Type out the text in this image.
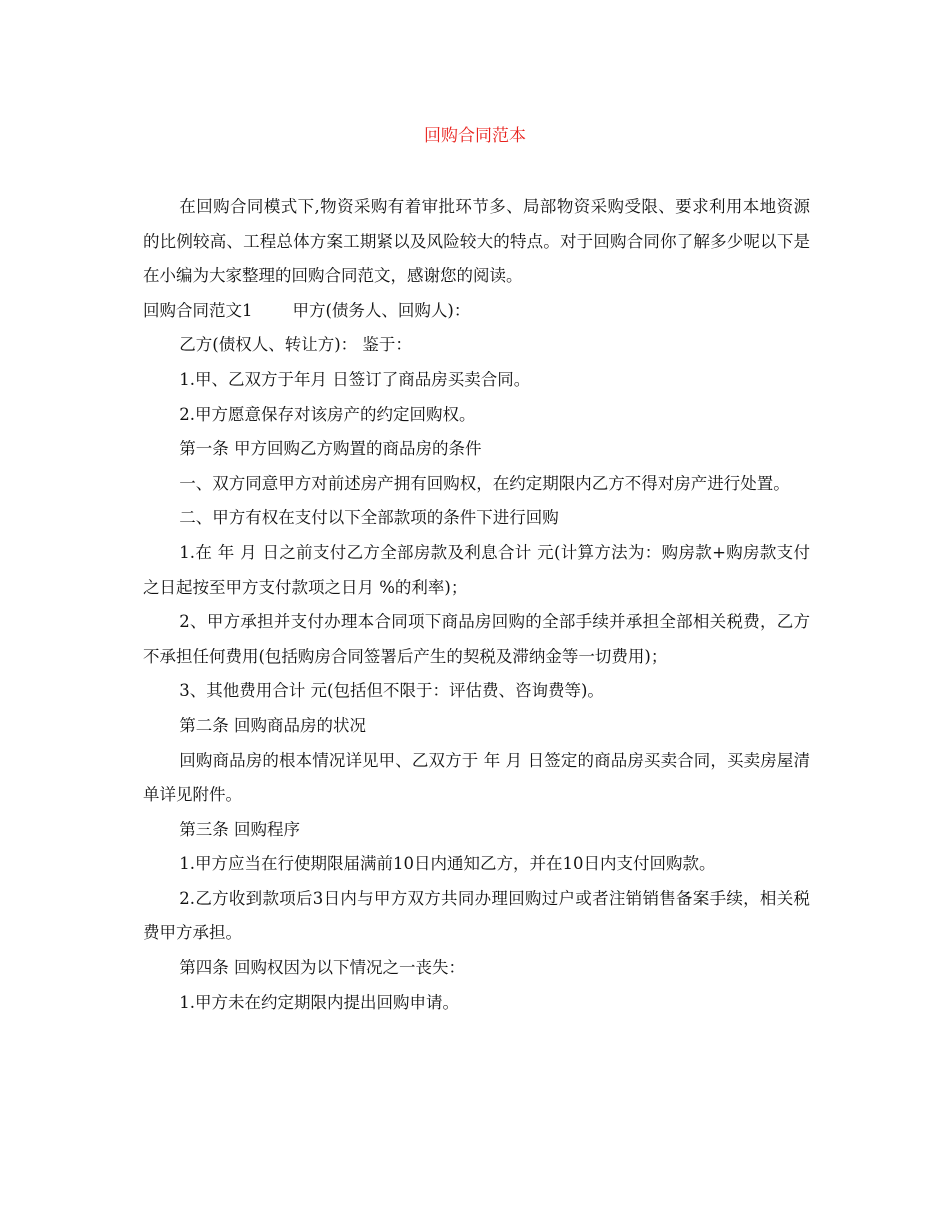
回购合同范本

在回购合同模式下,物资采购有着审批环节多、局部物资采购受限、要求利用本地资源的比例较高、工程总体方案工期紧以及风险较大的特点。对于回购合同你了解多少呢以下是在小编为大家整理的回购合同范文，感谢您的阅读。

回购合同范文1 甲方(债务人、回购人)：

乙方(债权人、转让方)： 鉴于：

1.甲、乙双方于年月 日签订了商品房买卖合同。

2.甲方愿意保存对该房产的约定回购权。

第一条 甲方回购乙方购置的商品房的条件

一、双方同意甲方对前述房产拥有回购权，在约定期限内乙方不得对房产进行处置。

二、甲方有权在支付以下全部款项的条件下进行回购

1.在 年 月 日之前支付乙方全部房款及利息合计 元(计算方法为：购房款+购房款支付之日起按至甲方支付款项之日月 %的利率)；

2、甲方承担并支付办理本合同项下商品房回购的全部手续并承担全部相关税费，乙方不承担任何费用(包括购房合同签署后产生的契税及滞纳金等一切费用)；

3、其他费用合计 元(包括但不限于：评估费、咨询费等)。

第二条 回购商品房的状况

回购商品房的根本情况详见甲、乙双方于 年 月 日签定的商品房买卖合同，买卖房屋清单详见附件。

第三条 回购程序

1.甲方应当在行使期限届满前10日内通知乙方，并在10日内支付回购款。

2.乙方收到款项后3日内与甲方双方共同办理回购过户或者注销销售备案手续，相关税费甲方承担。

第四条 回购权因为以下情况之一丧失：

1.甲方未在约定期限内提出回购申请。
